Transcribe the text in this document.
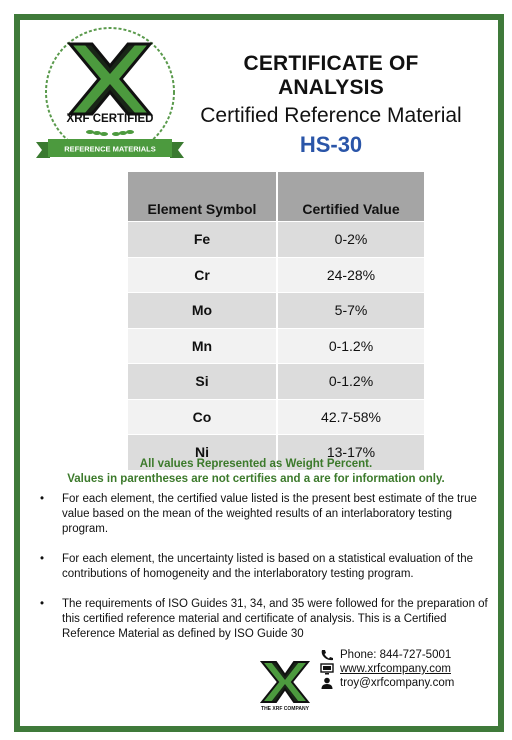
XRF CERTIFIED
REFERENCE MATERIALS

CERTIFICATE OF ANALYSIS

Certified Reference Material

HS-30

Element Symbol	Certified Value
Fe	0-2%
Cr	24-28%
Mo	5-7%
Mn	0-1.2%
Si	0-1.2%
Co	42.7-58%
Ni	13-17%
All values Represented as Weight Percent.
Values in parentheses are not certifies and a are for information only.
• For each element, the certified value listed is the present best estimate of the true value based on the mean of the weighted results of an interlaboratory testing program.
• For each element, the uncertainty listed is based on a statistical evaluation of the contributions of homogeneity and the interlaboratory testing program.
• The requirements of ISO Guides 31, 34, and 35 were followed for the preparation of this certified reference material and certificate of analysis. This is a Certified Reference Material as defined by ISO Guide 30
THE XRF COMPANY
Phone: 844-727-5001
www.xrfcompany.com
troy@xrfcompany.com
